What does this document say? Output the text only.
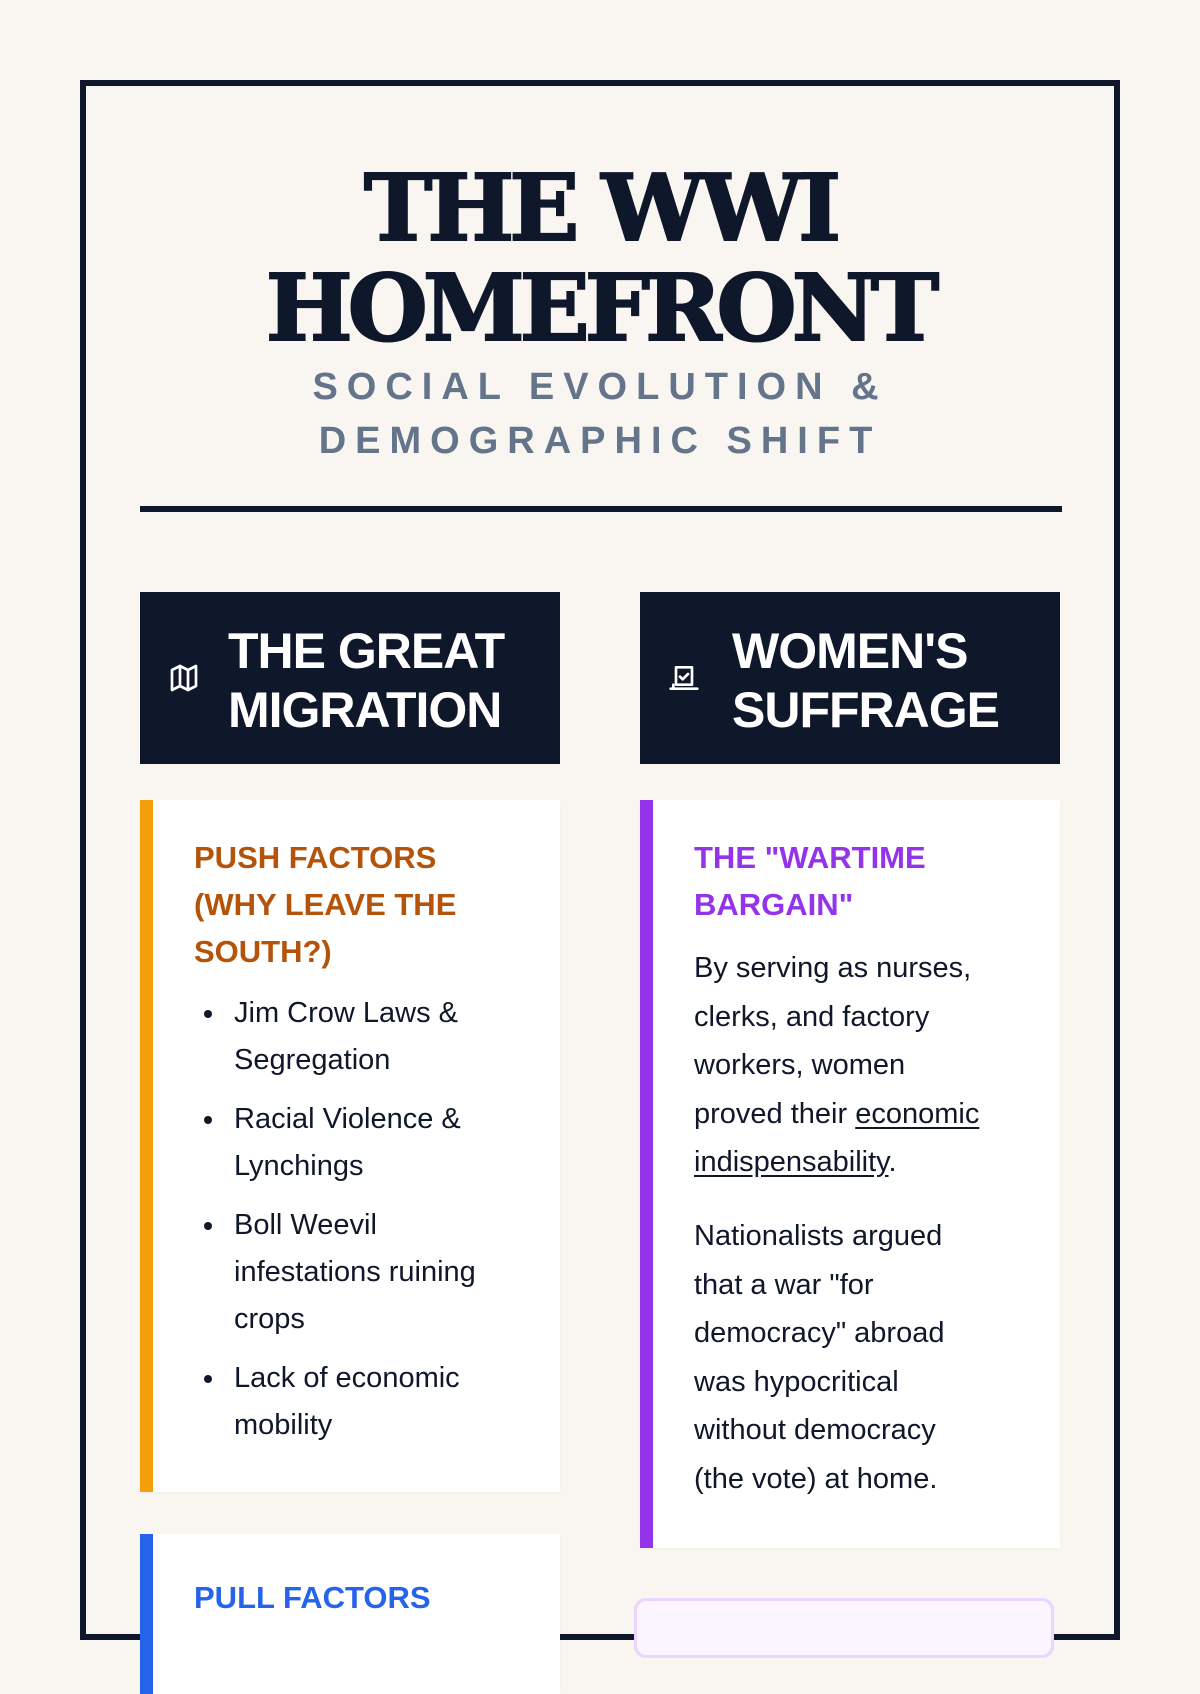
THE WWI
HOMEFRONT
SOCIAL EVOLUTION &
DEMOGRAPHIC SHIFT
THE GREAT
MIGRATION
WOMEN'S
SUFFRAGE
PUSH FACTORS
(WHY LEAVE THE
SOUTH?)
Jim Crow Laws &
Segregation
Racial Violence &
Lynchings
Boll Weevil
infestations ruining
crops
Lack of economic
mobility
PULL FACTORS
THE "WARTIME
BARGAIN"

By serving as nurses,
clerks, and factory
workers, women
proved their economic
indispensability.

Nationalists argued
that a war "for
democracy" abroad
was hypocritical
without democracy
(the vote) at home.
